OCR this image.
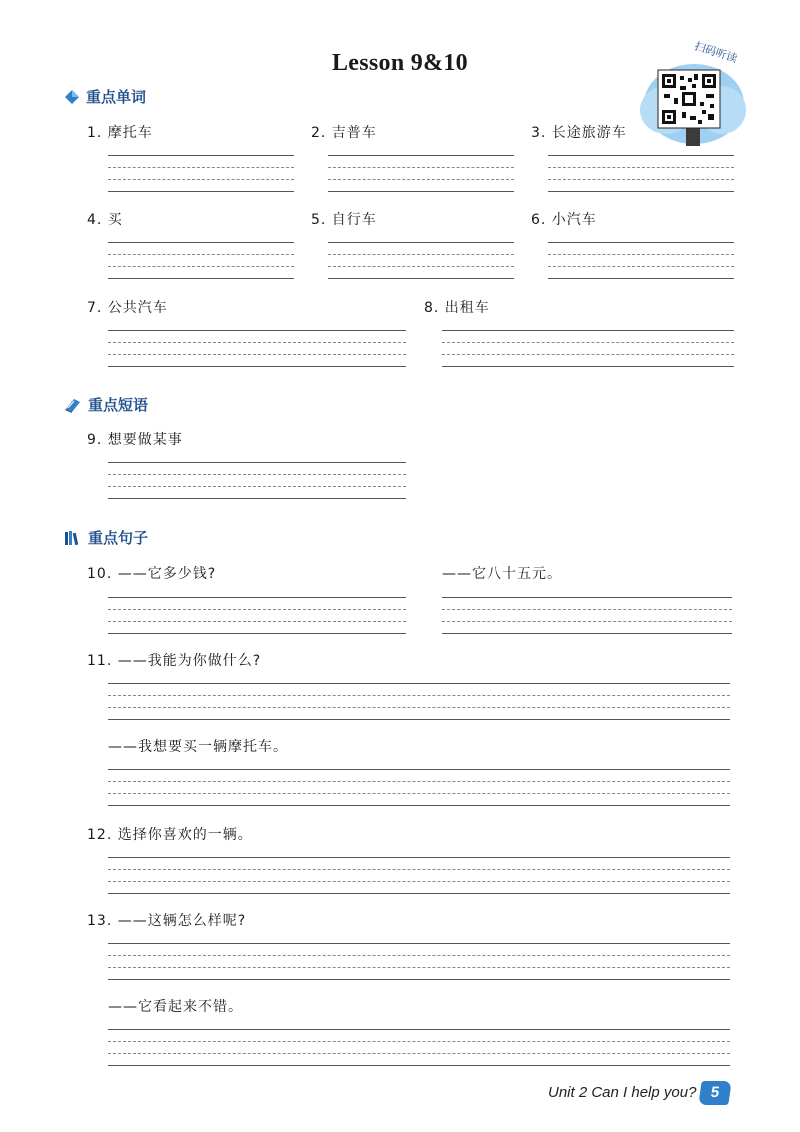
Lesson 9&10	扫码听读
重点单词
1. 摩托车	2. 吉普车	3. 长途旅游车
4. 买	5. 自行车	6. 小汽车
7. 公共汽车	8. 出租车
重点短语
9. 想要做某事
重点句子
10. ——它多少钱?	——它八十五元。
11. ——我能为你做什么?
——我想要买一辆摩托车。
12. 选择你喜欢的一辆。
13. ——这辆怎么样呢?
——它看起来不错。
Unit 2 Can I help you? 5
